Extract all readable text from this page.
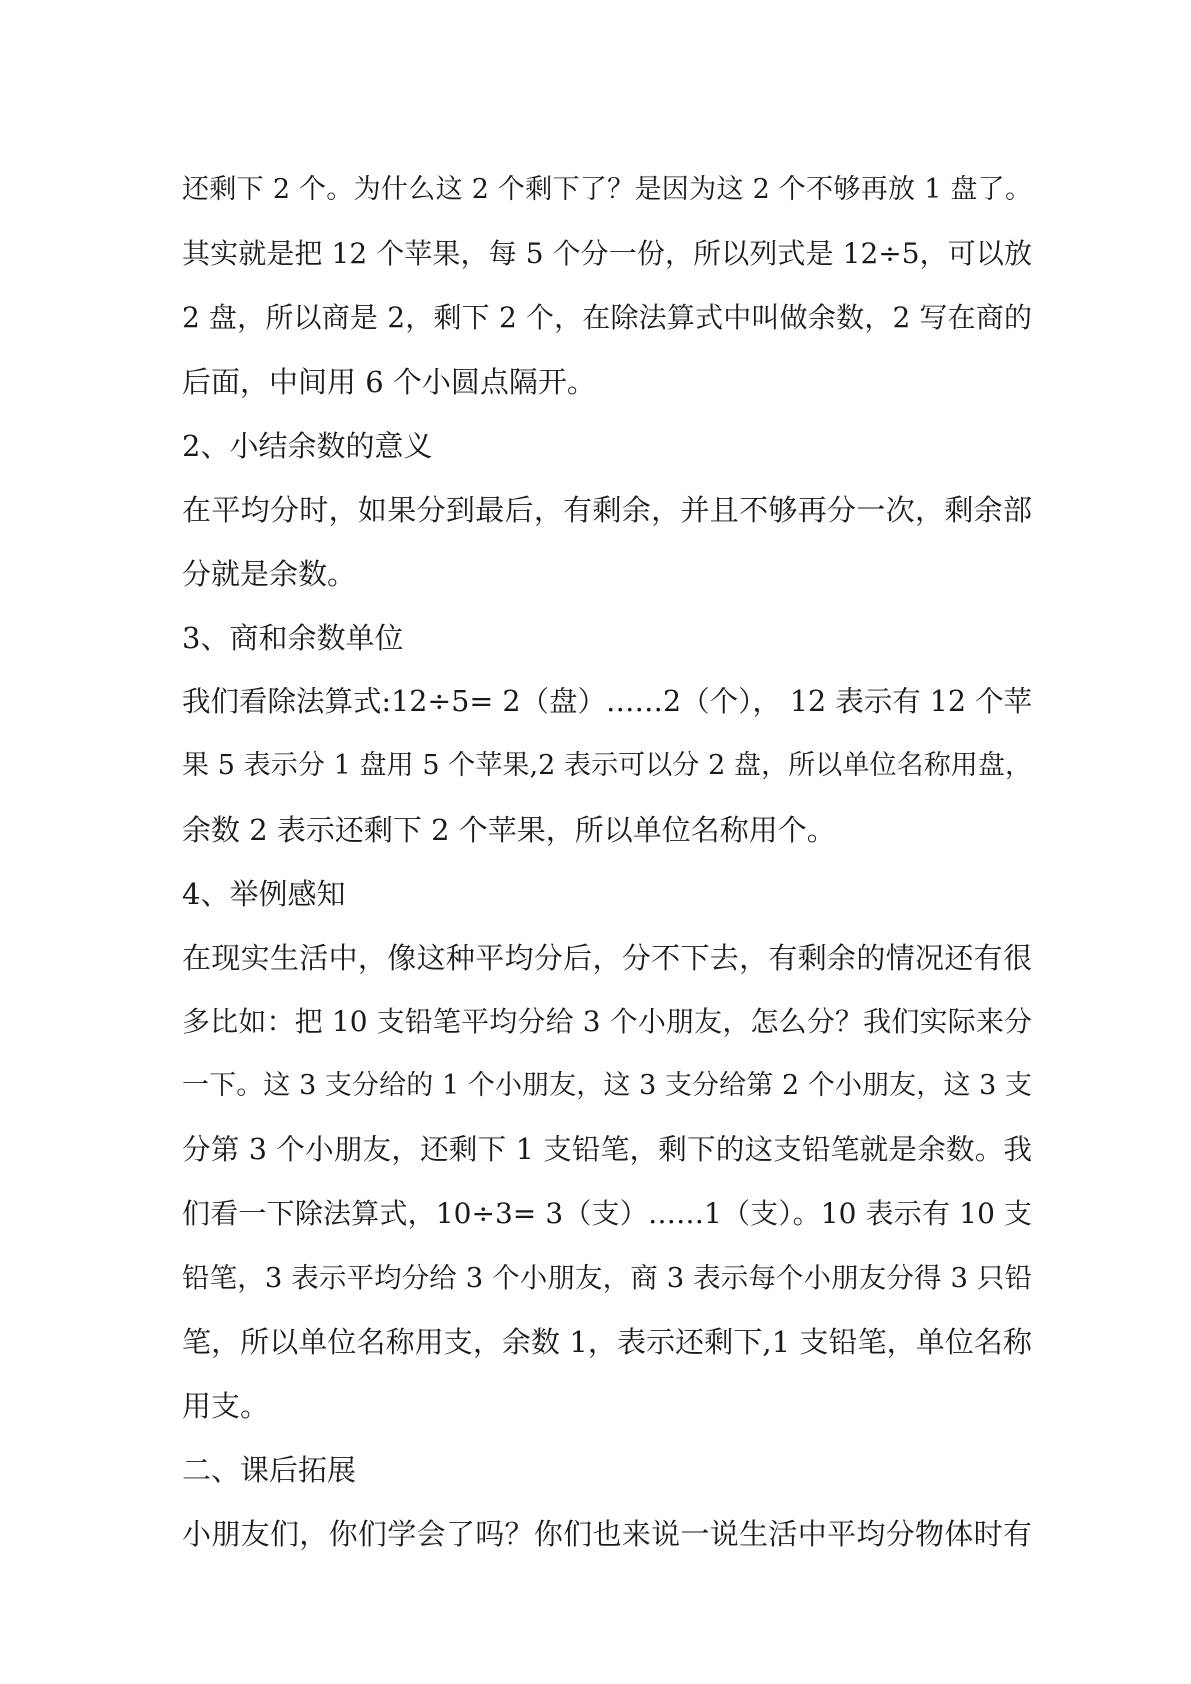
还剩下 2 个。为什么这 2 个剩下了？是因为这 2 个不够再放 1 盘了。
其实就是把 12 个苹果，每 5 个分一份，所以列式是 12÷5，可以放
2 盘，所以商是 2，剩下 2 个，在除法算式中叫做余数，2 写在商的
后面，中间用 6 个小圆点隔开。
2、小结余数的意义
在平均分时，如果分到最后，有剩余，并且不够再分一次，剩余部
分就是余数。
3、商和余数单位
我们看除法算式:12÷5= 2（盘）……2（个）， 12 表示有 12 个苹
果 5 表示分 1 盘用 5 个苹果,2 表示可以分 2 盘，所以单位名称用盘，
余数 2 表示还剩下 2 个苹果，所以单位名称用个。
4、举例感知
在现实生活中，像这种平均分后，分不下去，有剩余的情况还有很
多比如：把 10 支铅笔平均分给 3 个小朋友，怎么分？我们实际来分
一下。这 3 支分给的 1 个小朋友，这 3 支分给第 2 个小朋友，这 3 支
分第 3 个小朋友，还剩下 1 支铅笔，剩下的这支铅笔就是余数。我
们看一下除法算式，10÷3= 3（支）……1（支）。10 表示有 10 支
铅笔，3 表示平均分给 3 个小朋友，商 3 表示每个小朋友分得 3 只铅
笔，所以单位名称用支，余数 1，表示还剩下,1 支铅笔，单位名称
用支。
二、课后拓展
小朋友们，你们学会了吗？你们也来说一说生活中平均分物体时有
